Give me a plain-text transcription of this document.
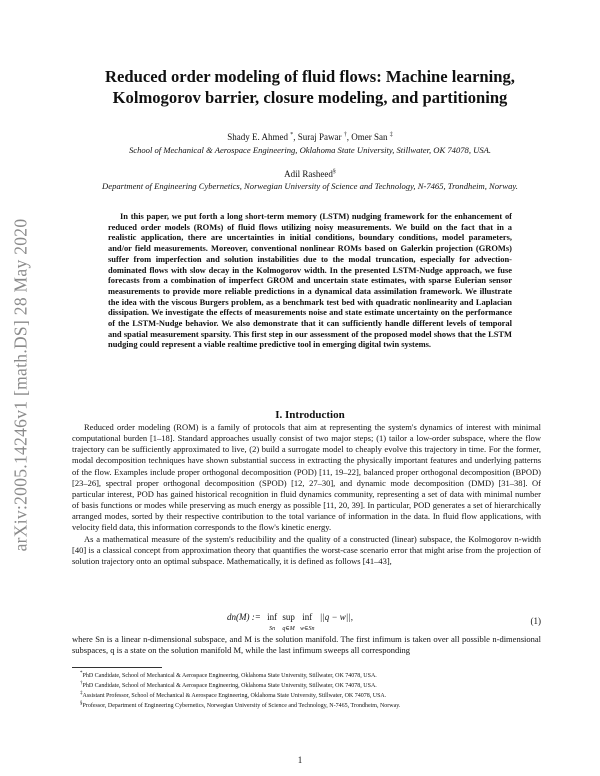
arXiv:2005.14246v1 [math.DS] 28 May 2020
Reduced order modeling of fluid flows: Machine learning,
Kolmogorov barrier, closure modeling, and partitioning
Shady E. Ahmed *, Suraj Pawar †, Omer San ‡
School of Mechanical & Aerospace Engineering, Oklahoma State University, Stillwater, OK 74078, USA.
Adil Rasheed§
Department of Engineering Cybernetics, Norwegian University of Science and Technology, N-7465, Trondheim, Norway.

In this paper, we put forth a long short-term memory (LSTM) nudging framework for the enhancement of reduced order models (ROMs) of fluid flows utilizing noisy measurements. We build on the fact that in a realistic application, there are uncertainties in initial conditions, boundary conditions, model parameters, and/or field measurements. Moreover, conventional nonlinear ROMs based on Galerkin projection (GROMs) suffer from imperfection and solution instabilities due to the modal truncation, especially for advection-dominated flows with slow decay in the Kolmogorov width. In the presented LSTM-Nudge approach, we fuse forecasts from a combination of imperfect GROM and uncertain state estimates, with sparse Eulerian sensor measurements to provide more reliable predictions in a dynamical data assimilation framework. We illustrate the idea with the viscous Burgers problem, as a benchmark test bed with quadratic nonlinearity and Laplacian dissipation. We investigate the effects of measurements noise and state estimate uncertainty on the performance of the LSTM-Nudge behavior. We also demonstrate that it can sufficiently handle different levels of temporal and spatial measurement sparsity. This first step in our assessment of the proposed model shows that the LSTM nudging could represent a viable realtime predictive tool in emerging digital twin systems.

I. Introduction

Reduced order modeling (ROM) is a family of protocols that aim at representing the system's dynamics of interest with minimal computational burden [1–18]. Standard approaches usually consist of two major steps; (1) tailor a low-order subspace, where the flow trajectory can be sufficiently approximated to live, (2) build a surrogate model to cheaply evolve this trajectory in time. For the former, modal decomposition techniques have shown substantial success in extracting the physically important features and underlying patterns of the flow. Examples include proper orthogonal decomposition (POD) [11, 19–22], balanced proper orthogonal decomposition (BPOD) [23–26], spectral proper orthogonal decomposition (SPOD) [12, 27–30], and dynamic mode decomposition (DMD) [31–38]. Of particular interest, POD has gained historical recognition in fluid dynamics community, representing a set of data with minimal number of basis functions or modes while preserving as much energy as possible [11, 20, 39]. In particular, POD generates a set of hierarchically arranged modes, sorted by their respective contribution to the total variance of information in the data. In fluid flow applications, with velocity field data, this information corresponds to the flow's kinetic energy.

As a mathematical measure of the system's reducibility and the quality of a constructed (linear) subspace, the Kolmogorov n-width [40] is a classical concept from approximation theory that quantifies the worst-case scenario error that might arise from the projection of solution trajectory onto an optimal subspace. Mathematically, it is defined as follows [41–43],

dn(M) := inf
Sn sup
q∈M inf
w∈Sn ||q − w||,	(1)

where Sn is a linear n-dimensional subspace, and M is the solution manifold. The first infimum is taken over all possible n-dimensional subspaces, q is a state on the solution manifold M, while the last infimum sweeps all corresponding

*PhD Candidate, School of Mechanical & Aerospace Engineering, Oklahoma State University, Stillwater, OK 74078, USA.
†PhD Candidate, School of Mechanical & Aerospace Engineering, Oklahoma State University, Stillwater, OK 74078, USA.
‡Assistant Professor, School of Mechanical & Aerospace Engineering, Oklahoma State University, Stillwater, OK 74078, USA.
§Professor, Department of Engineering Cybernetics, Norwegian University of Science and Technology, N-7465, Trondheim, Norway.
1
